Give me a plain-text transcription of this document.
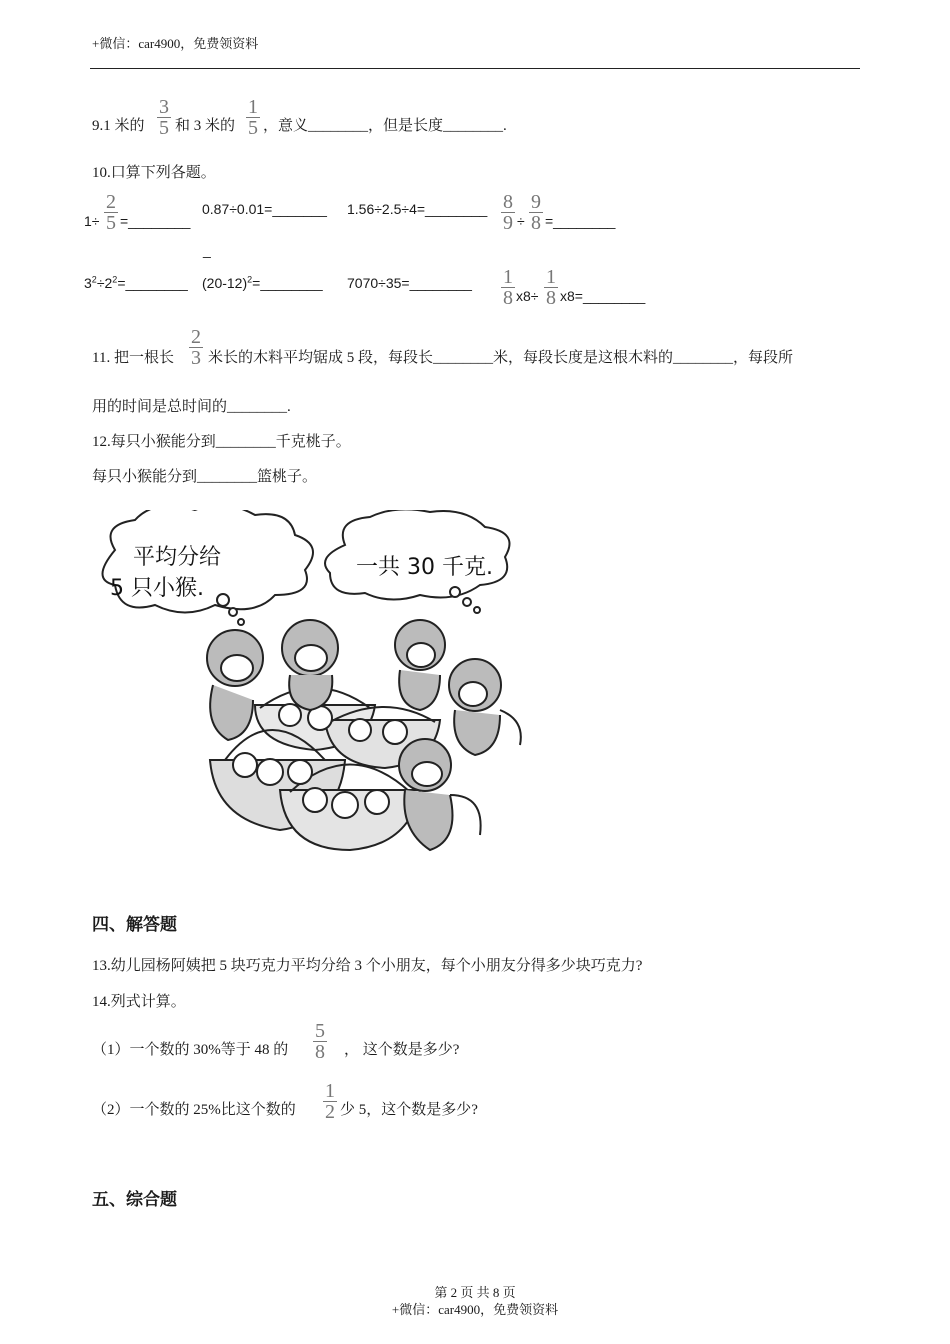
+微信：car4900，免费领资料
9.1 米的
3
5 和 3 米的
1
5 ，意义________，但是长度________.
10.口算下列各题。
1÷
2
5 =________
0.87÷0.01=_______
_
1.56÷2.5÷4=________ 8
9 ÷
9
8 =________
$3^2\div 2^2=\_\_\_\_\_\_\_\_$ $(20-12)^2=\_\_\_\_\_\_\_\_$ 7070÷35=________ 1
8 x8÷
1
8 x8=________
11. 把一根长
2
3 米长的木料平均锯成 5 段，每段长________米，每段长度是这根木料的________，每段所
用的时间是总时间的________.
12.每只小猴能分到________千克桃子。
每只小猴能分到________篮桃子。
平均分给
5 只小猴.
一共 30 千克.
四、解答题
13.幼儿园杨阿姨把 5 块巧克力平均分给 3 个小朋友，每个小朋友分得多少块巧克力?
14.列式计算。
（1）一个数的 30%等于 48 的
5
8 ， 这个数是多少?
（2）一个数的 25%比这个数的
1
2 少 5，这个数是多少?
五、综合题
第 2 页 共 8 页
+微信：car4900，免费领资料
